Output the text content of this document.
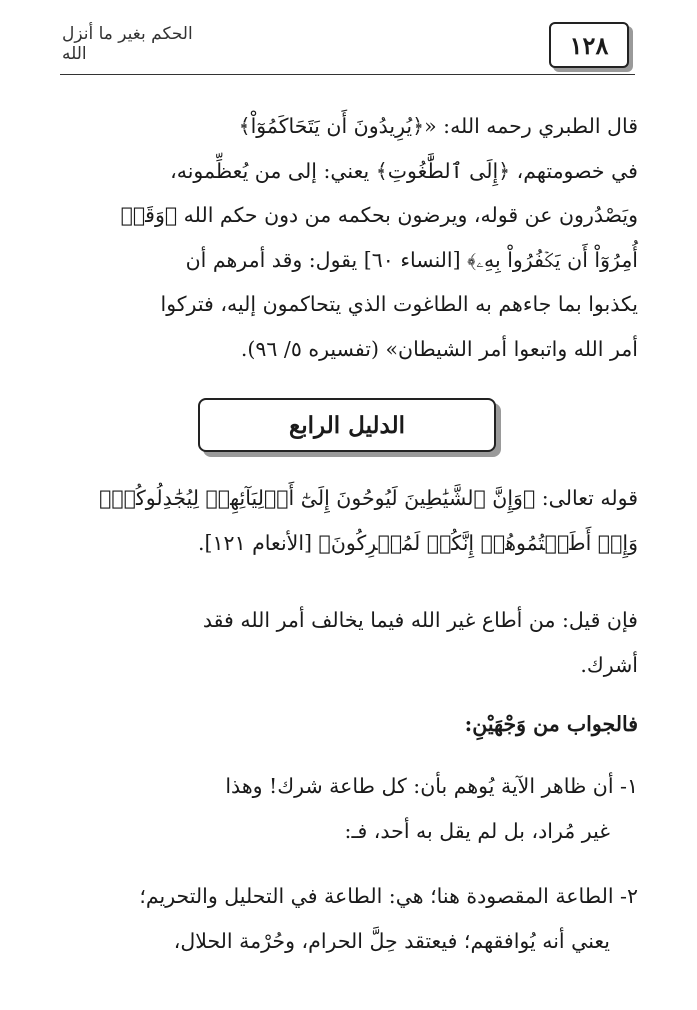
١٢٨
الحكم بغير ما أنزل الله
قال الطبري رحمه الله: «﴿يُرِيدُونَ أَن يَتَحَاكَمُوٓاْ﴾
في خصومتهم، ﴿إِلَى ٱلطَّٰغُوتِ﴾ يعني: إلى من يُعظِّمونه،
ويَصْدُرون عن قوله، ويرضون بحكمه من دون حكم الله ﴿وَقَدۡ
أُمِرُوٓاْ أَن يَكۡفُرُواْ بِهِۦ﴾ [النساء ٦٠] يقول: وقد أمرهم أن
يكذبوا بما جاءهم به الطاغوت الذي يتحاكمون إليه، فتركوا
أمر الله واتبعوا أمر الشيطان» (تفسيره ٥/ ٩٦).
الدليل الرابع
قوله تعالى: ﴿وَإِنَّ ٱلشَّيَٰطِينَ لَيُوحُونَ إِلَىٰٓ أَوۡلِيَآئِهِمۡ لِيُجَٰدِلُوكُمۡۖ
وَإِنۡ أَطَعۡتُمُوهُمۡ إِنَّكُمۡ لَمُشۡرِكُونَ﴾ [الأنعام ١٢١].
فإن قيل: من أطاع غير الله فيما يخالف أمر الله فقد
أشرك.
فالجواب من وَجْهَيْنِ:
١- أن ظاهر الآية يُوهم بأن: كل طاعة شرك! وهذا
غير مُراد، بل لم يقل به أحد، فـ:
٢- الطاعة المقصودة هنا؛ هي: الطاعة في التحليل والتحريم؛
يعني أنه يُوافقهم؛ فيعتقد حِلَّ الحرام، وحُرْمة الحلال،
